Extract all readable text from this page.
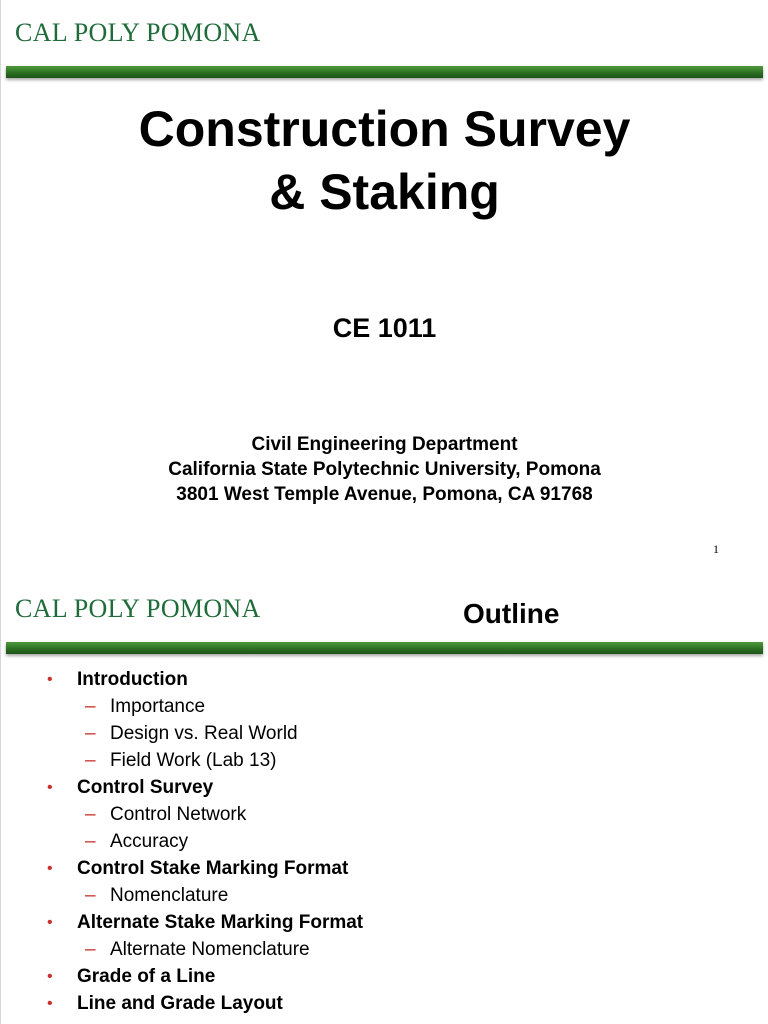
CAL POLY POMONA
Construction Survey
& Staking
CE 1011
Civil Engineering Department
California State Polytechnic University, Pomona
3801 West Temple Avenue, Pomona, CA 91768
1
CAL POLY POMONA	Outline
• Introduction
– Importance
– Design vs. Real World
– Field Work (Lab 13)
• Control Survey
– Control Network
– Accuracy
• Control Stake Marking Format
– Nomenclature
• Alternate Stake Marking Format
– Alternate Nomenclature
• Grade of a Line
• Line and Grade Layout
